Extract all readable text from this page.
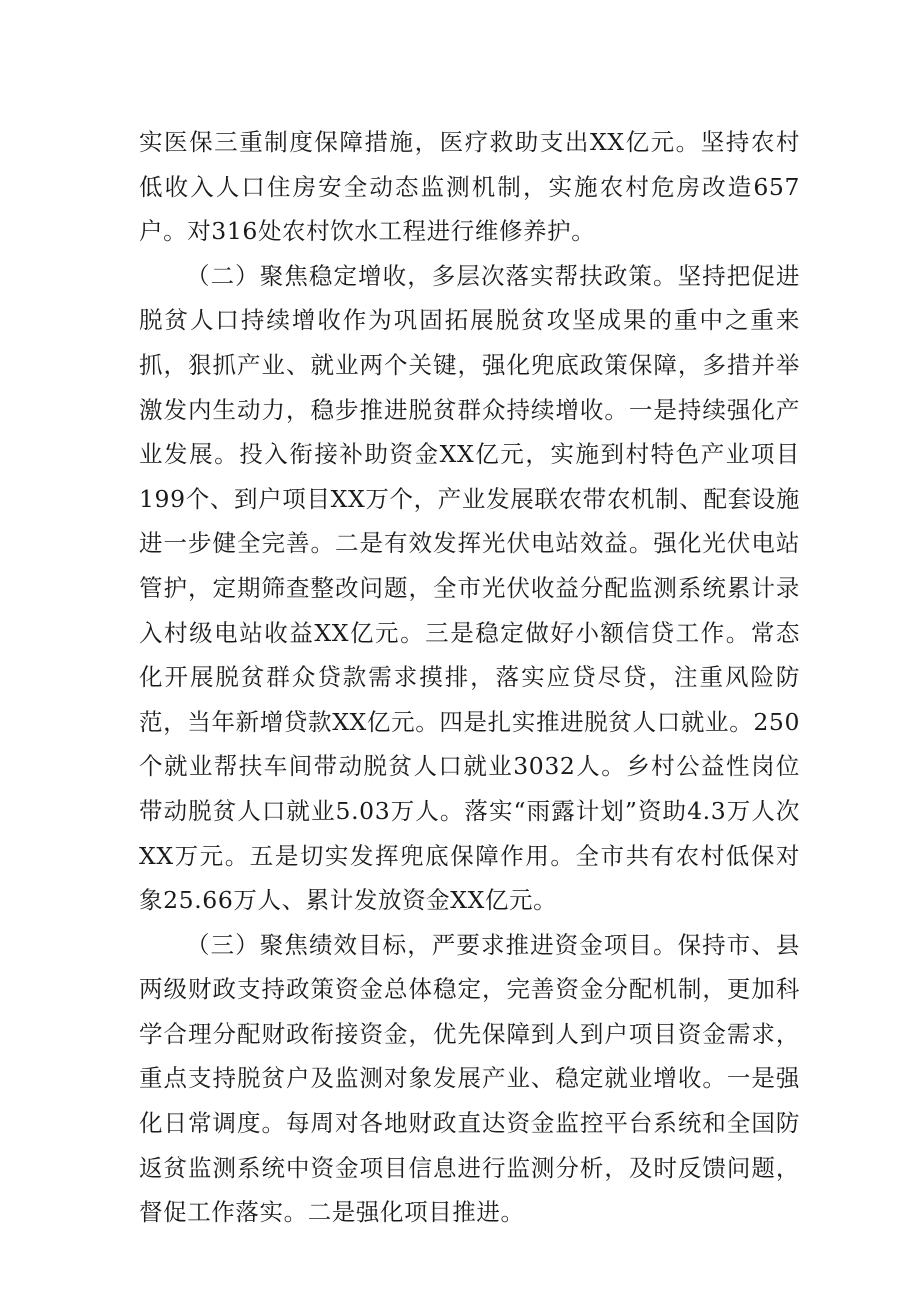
实医保三重制度保障措施，医疗救助支出XX亿元。坚持农村低收入人口住房安全动态监测机制，实施农村危房改造657户。对316处农村饮水工程进行维修养护。

（二）聚焦稳定增收，多层次落实帮扶政策。坚持把促进脱贫人口持续增收作为巩固拓展脱贫攻坚成果的重中之重来抓，狠抓产业、就业两个关键，强化兜底政策保障，多措并举激发内生动力，稳步推进脱贫群众持续增收。一是持续强化产业发展。投入衔接补助资金XX亿元，实施到村特色产业项目199个、到户项目XX万个，产业发展联农带农机制、配套设施进一步健全完善。二是有效发挥光伏电站效益。强化光伏电站管护，定期筛查整改问题，全市光伏收益分配监测系统累计录入村级电站收益XX亿元。三是稳定做好小额信贷工作。常态化开展脱贫群众贷款需求摸排，落实应贷尽贷，注重风险防范，当年新增贷款XX亿元。四是扎实推进脱贫人口就业。250个就业帮扶车间带动脱贫人口就业3032人。乡村公益性岗位带动脱贫人口就业5.03万人。落实“雨露计划”资助4.3万人次XX万元。五是切实发挥兜底保障作用。全市共有农村低保对象25.66万人、累计发放资金XX亿元。

（三）聚焦绩效目标，严要求推进资金项目。保持市、县两级财政支持政策资金总体稳定，完善资金分配机制，更加科学合理分配财政衔接资金，优先保障到人到户项目资金需求，重点支持脱贫户及监测对象发展产业、稳定就业增收。一是强化日常调度。每周对各地财政直达资金监控平台系统和全国防返贫监测系统中资金项目信息进行监测分析，及时反馈问题，督促工作落实。二是强化项目推进。
